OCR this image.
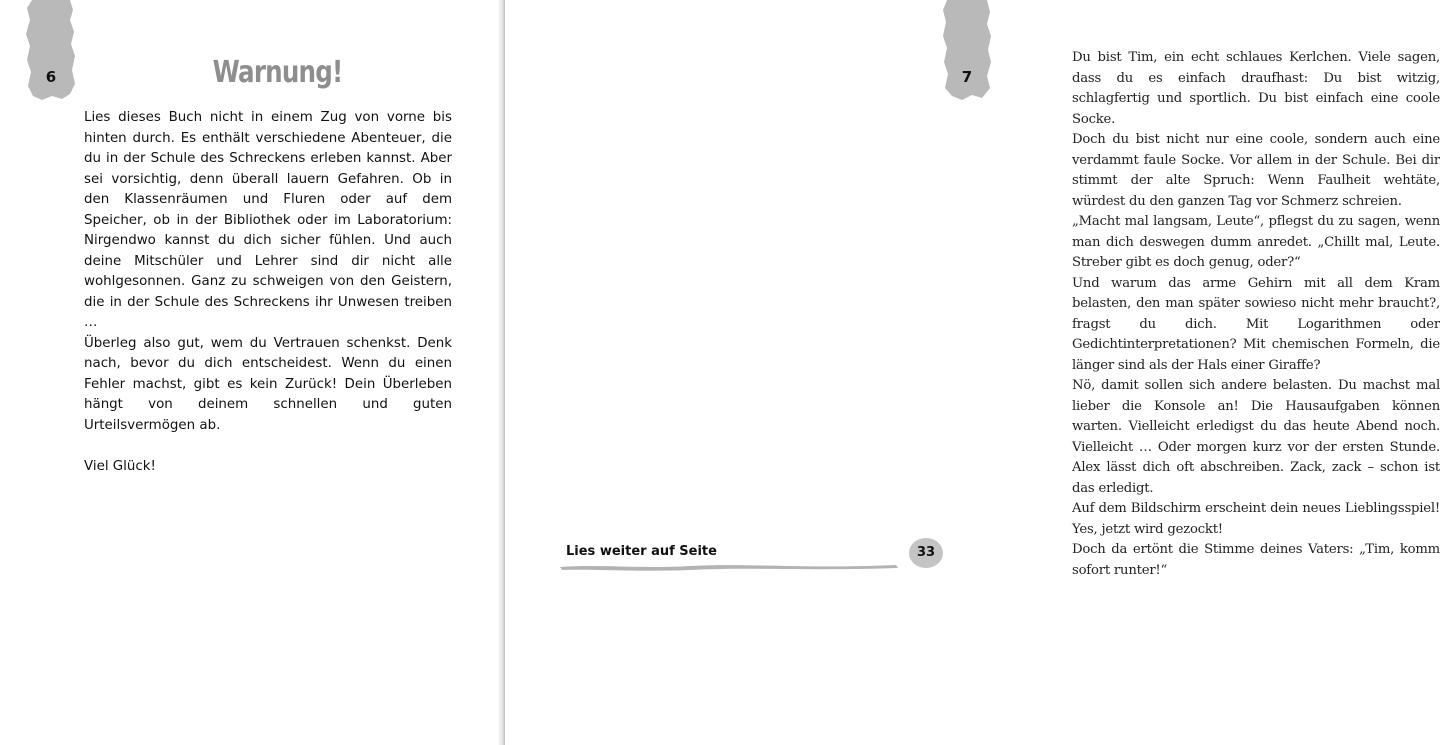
6	Warnung!

Lies dieses Buch nicht in einem Zug von vorne bis hinten durch. Es enthält verschiedene Abenteuer, die du in der Schule des Schreckens erleben kannst. Aber sei vorsichtig, denn überall lauern Gefahren. Ob in den Klassenräumen und Fluren oder auf dem Speicher, ob in der Bibliothek oder im Laboratorium: Nirgendwo kannst du dich sicher fühlen. Und auch deine Mitschüler und Lehrer sind dir nicht alle wohlgesonnen. Ganz zu schweigen von den Geistern, die in der Schule des Schreckens ihr Unwesen treiben …

Überleg also gut, wem du Vertrauen schenkst. Denk nach, bevor du dich entscheidest. Wenn du einen Fehler machst, gibt es kein Zurück! Dein Überleben hängt von deinem schnellen und guten Urteilsvermögen ab.

Viel Glück!

Du bist Tim, ein echt schlaues Kerlchen. Viele sagen, dass du es einfach draufhast: Du bist witzig, schlagfertig und sportlich. Du bist einfach eine coole Socke.

Doch du bist nicht nur eine coole, sondern auch eine verdammt faule Socke. Vor allem in der Schule. Bei dir stimmt der alte Spruch: Wenn Faulheit wehtäte, würdest du den ganzen Tag vor Schmerz schreien.

„Macht mal langsam, Leute“, pflegst du zu sagen, wenn man dich deswegen dumm anredet. „Chillt mal, Leute. Streber gibt es doch genug, oder?“

Und warum das arme Gehirn mit all dem Kram belasten, den man später sowieso nicht mehr braucht?, fragst du dich. Mit Logarithmen oder Gedichtinterpretationen? Mit chemischen Formeln, die länger sind als der Hals einer Giraffe?

Nö, damit sollen sich andere belasten. Du machst mal lieber die Konsole an! Die Hausaufgaben können warten. Vielleicht erledigst du das heute Abend noch. Vielleicht … Oder morgen kurz vor der ersten Stunde. Alex lässt dich oft abschreiben. Zack, zack – schon ist das erledigt.

Auf dem Bildschirm erscheint dein neues Lieblingsspiel! Yes, jetzt wird gezockt!

Doch da ertönt die Stimme deines Vaters: „Tim, komm sofort runter!“

7
Lies weiter auf Seite	33
